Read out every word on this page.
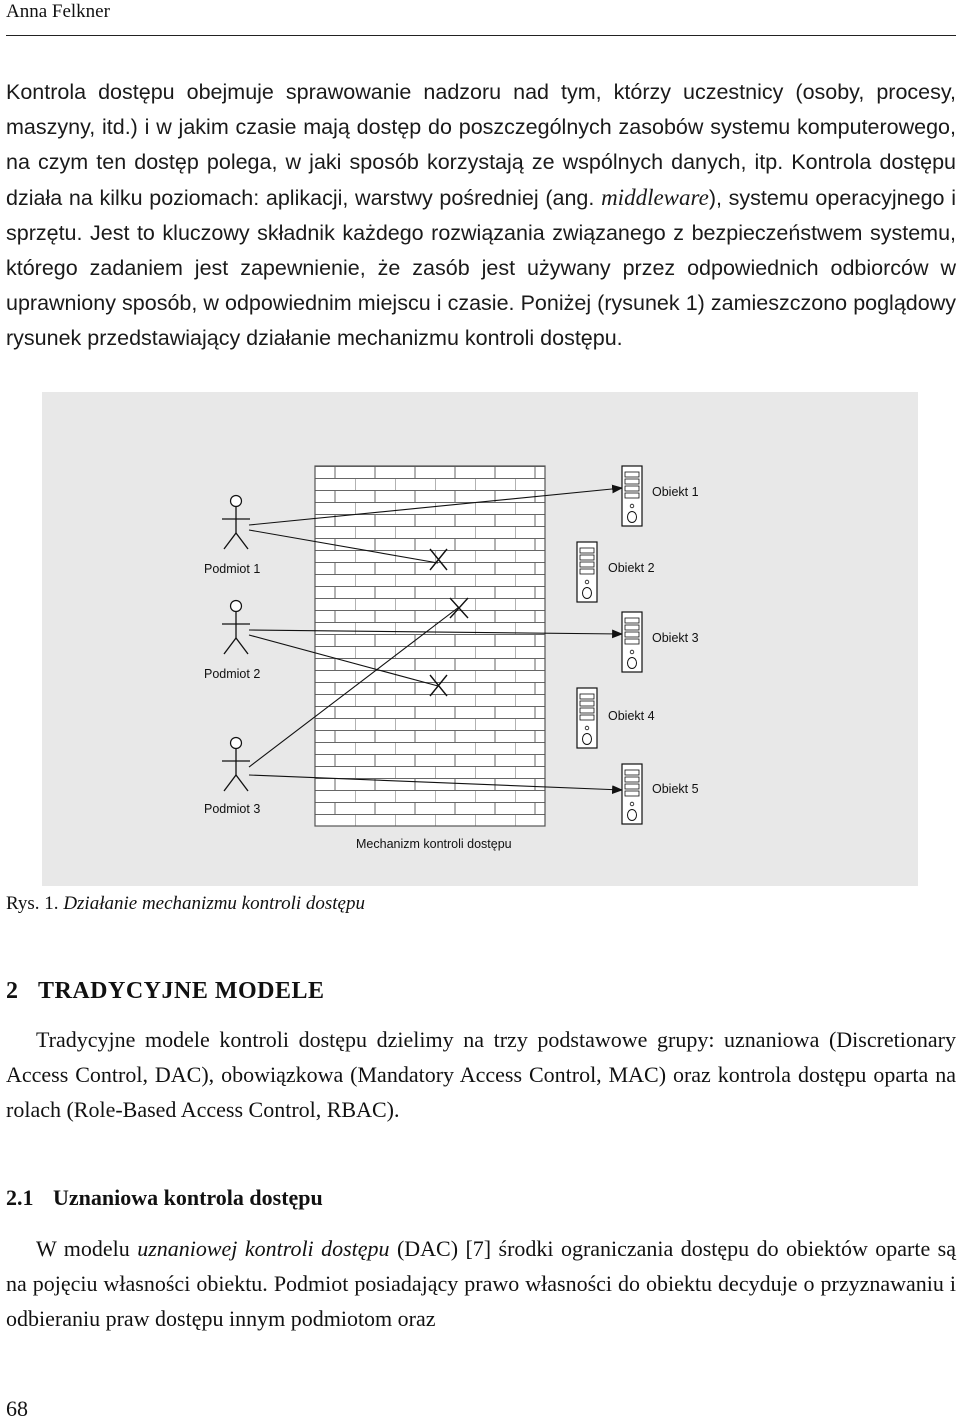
Anna Felkner

Kontrola dostępu obejmuje sprawowanie nadzoru nad tym, którzy uczestnicy (osoby, procesy, maszyny, itd.) i w jakim czasie mają dostęp do poszczególnych zasobów systemu komputerowego, na czym ten dostęp polega, w jaki sposób korzystają ze wspólnych danych, itp. Kontrola dostępu działa na kilku poziomach: aplikacji, warstwy pośredniej (ang. middleware), systemu operacyjnego i sprzętu. Jest to kluczowy składnik każdego rozwiązania związanego z bezpieczeństwem systemu, którego zadaniem jest zapewnienie, że zasób jest używany przez odpowiednich odbiorców w uprawniony sposób, w odpowiednim miejscu i czasie. Poniżej (rysunek 1) zamieszczono poglądowy rysunek przedstawiający działanie mechanizmu kontroli dostępu.

Podmiot 1
Podmiot 2
Podmiot 3
Obiekt 1
Obiekt 2
Obiekt 3
Obiekt 4
Obiekt 5
Mechanizm kontroli dostępu
Rys. 1. Działanie mechanizmu kontroli dostępu
2 TRADYCYJNE MODELE

Tradycyjne modele kontroli dostępu dzielimy na trzy podstawowe grupy: uznaniowa (Discretionary Access Control, DAC), obowiązkowa (Mandatory Access Control, MAC) oraz kontrola dostępu oparta na rolach (Role-Based Access Control, RBAC).

2.1 Uznaniowa kontrola dostępu

W modelu uznaniowej kontroli dostępu (DAC) [7] środki ograniczania dostępu do obiektów oparte są na pojęciu własności obiektu. Podmiot posiadający prawo własności do obiektu decyduje o przyznawaniu i odbieraniu praw dostępu innym podmiotom oraz

68
